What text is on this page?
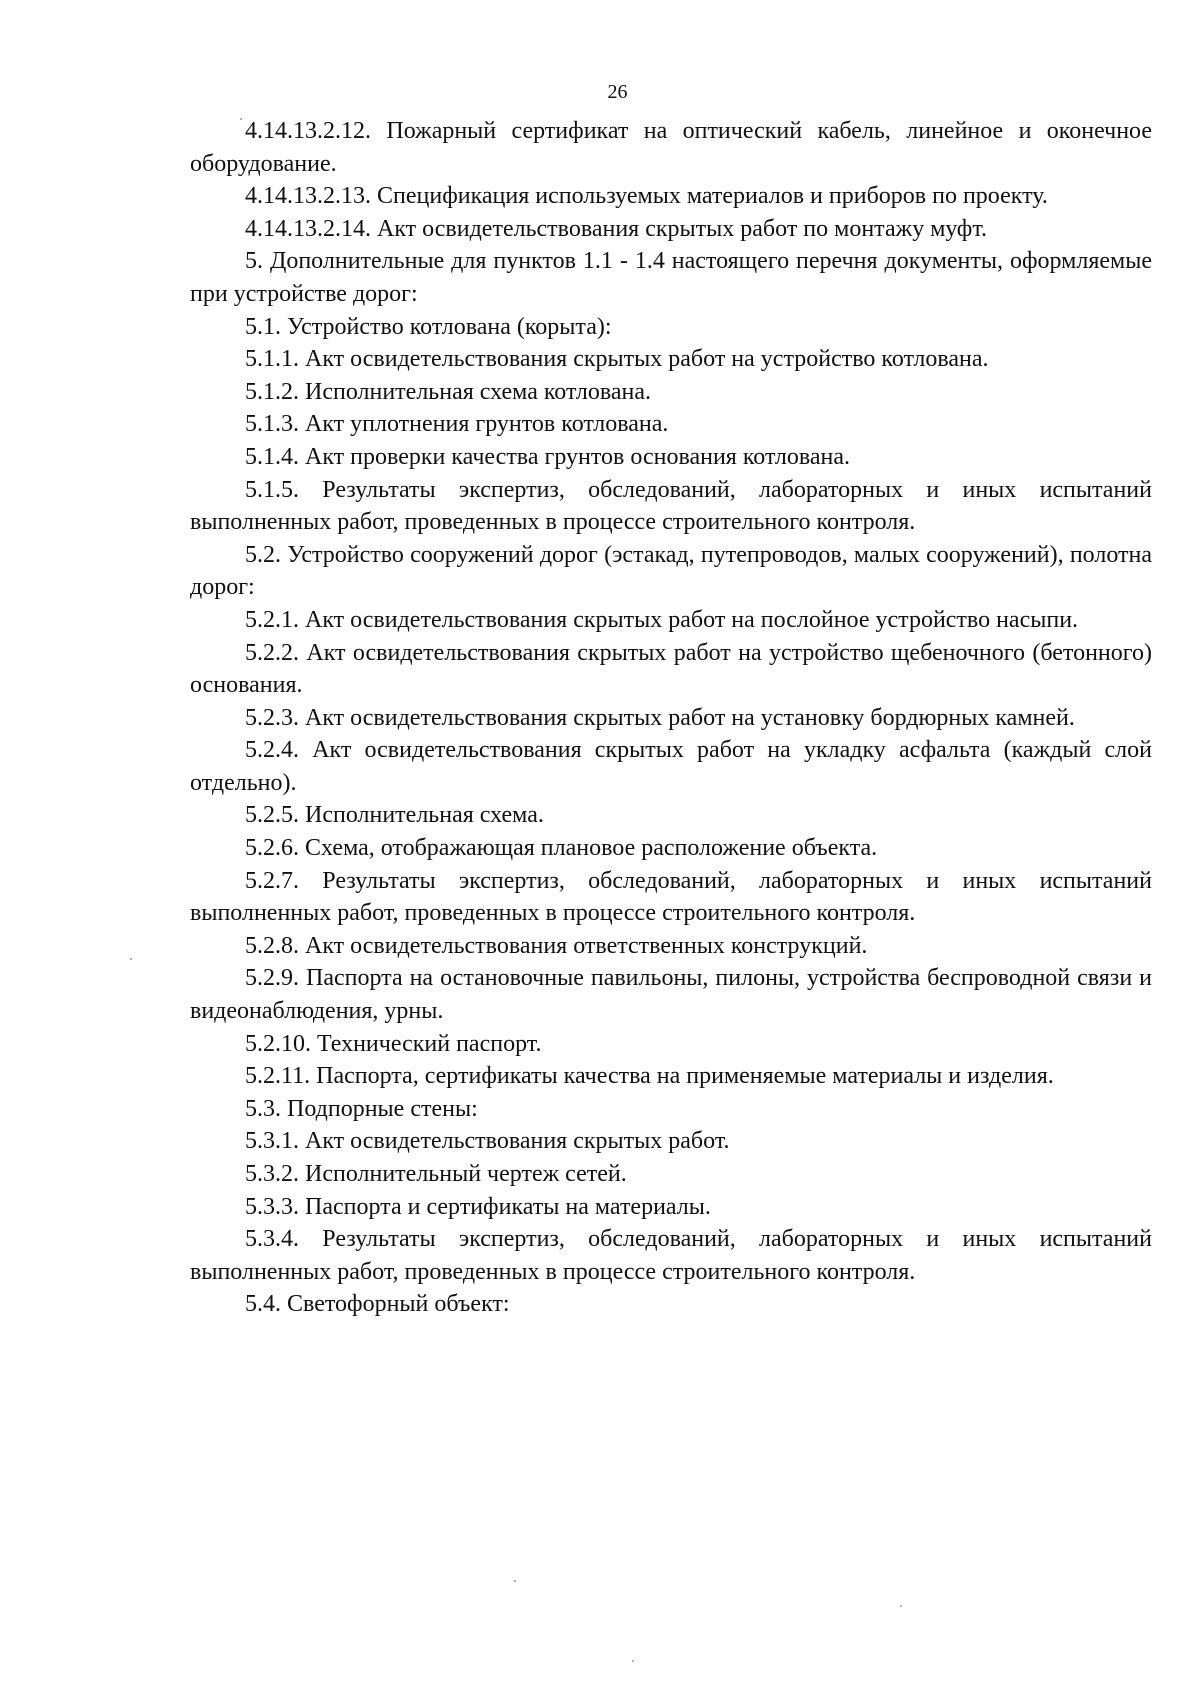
26

4.14.13.2.12. Пожарный сертификат на оптический кабель, линейное и оконечное оборудование.

4.14.13.2.13. Спецификация используемых материалов и приборов по проекту.

4.14.13.2.14. Акт освидетельствования скрытых работ по монтажу муфт.

5. Дополнительные для пунктов 1.1 - 1.4 настоящего перечня документы, оформляемые при устройстве дорог:

5.1. Устройство котлована (корыта):

5.1.1. Акт освидетельствования скрытых работ на устройство котлована.

5.1.2. Исполнительная схема котлована.

5.1.3. Акт уплотнения грунтов котлована.

5.1.4. Акт проверки качества грунтов основания котлована.

5.1.5. Результаты экспертиз, обследований, лабораторных и иных испытаний выполненных работ, проведенных в процессе строительного контроля.

5.2. Устройство сооружений дорог (эстакад, путепроводов, малых сооружений), полотна дорог:

5.2.1. Акт освидетельствования скрытых работ на послойное устройство насыпи.

5.2.2. Акт освидетельствования скрытых работ на устройство щебеночного (бетонного) основания.

5.2.3. Акт освидетельствования скрытых работ на установку бордюрных камней.

5.2.4. Акт освидетельствования скрытых работ на укладку асфальта (каждый слой отдельно).

5.2.5. Исполнительная схема.

5.2.6. Схема, отображающая плановое расположение объекта.

5.2.7. Результаты экспертиз, обследований, лабораторных и иных испытаний выполненных работ, проведенных в процессе строительного контроля.

5.2.8. Акт освидетельствования ответственных конструкций.

5.2.9. Паспорта на остановочные павильоны, пилоны, устройства беспроводной связи и видеонаблюдения, урны.

5.2.10. Технический паспорт.

5.2.11. Паспорта, сертификаты качества на применяемые материалы и изделия.

5.3. Подпорные стены:

5.3.1. Акт освидетельствования скрытых работ.

5.3.2. Исполнительный чертеж сетей.

5.3.3. Паспорта и сертификаты на материалы.

5.3.4. Результаты экспертиз, обследований, лабораторных и иных испытаний выполненных работ, проведенных в процессе строительного контроля.

5.4. Светофорный объект:
